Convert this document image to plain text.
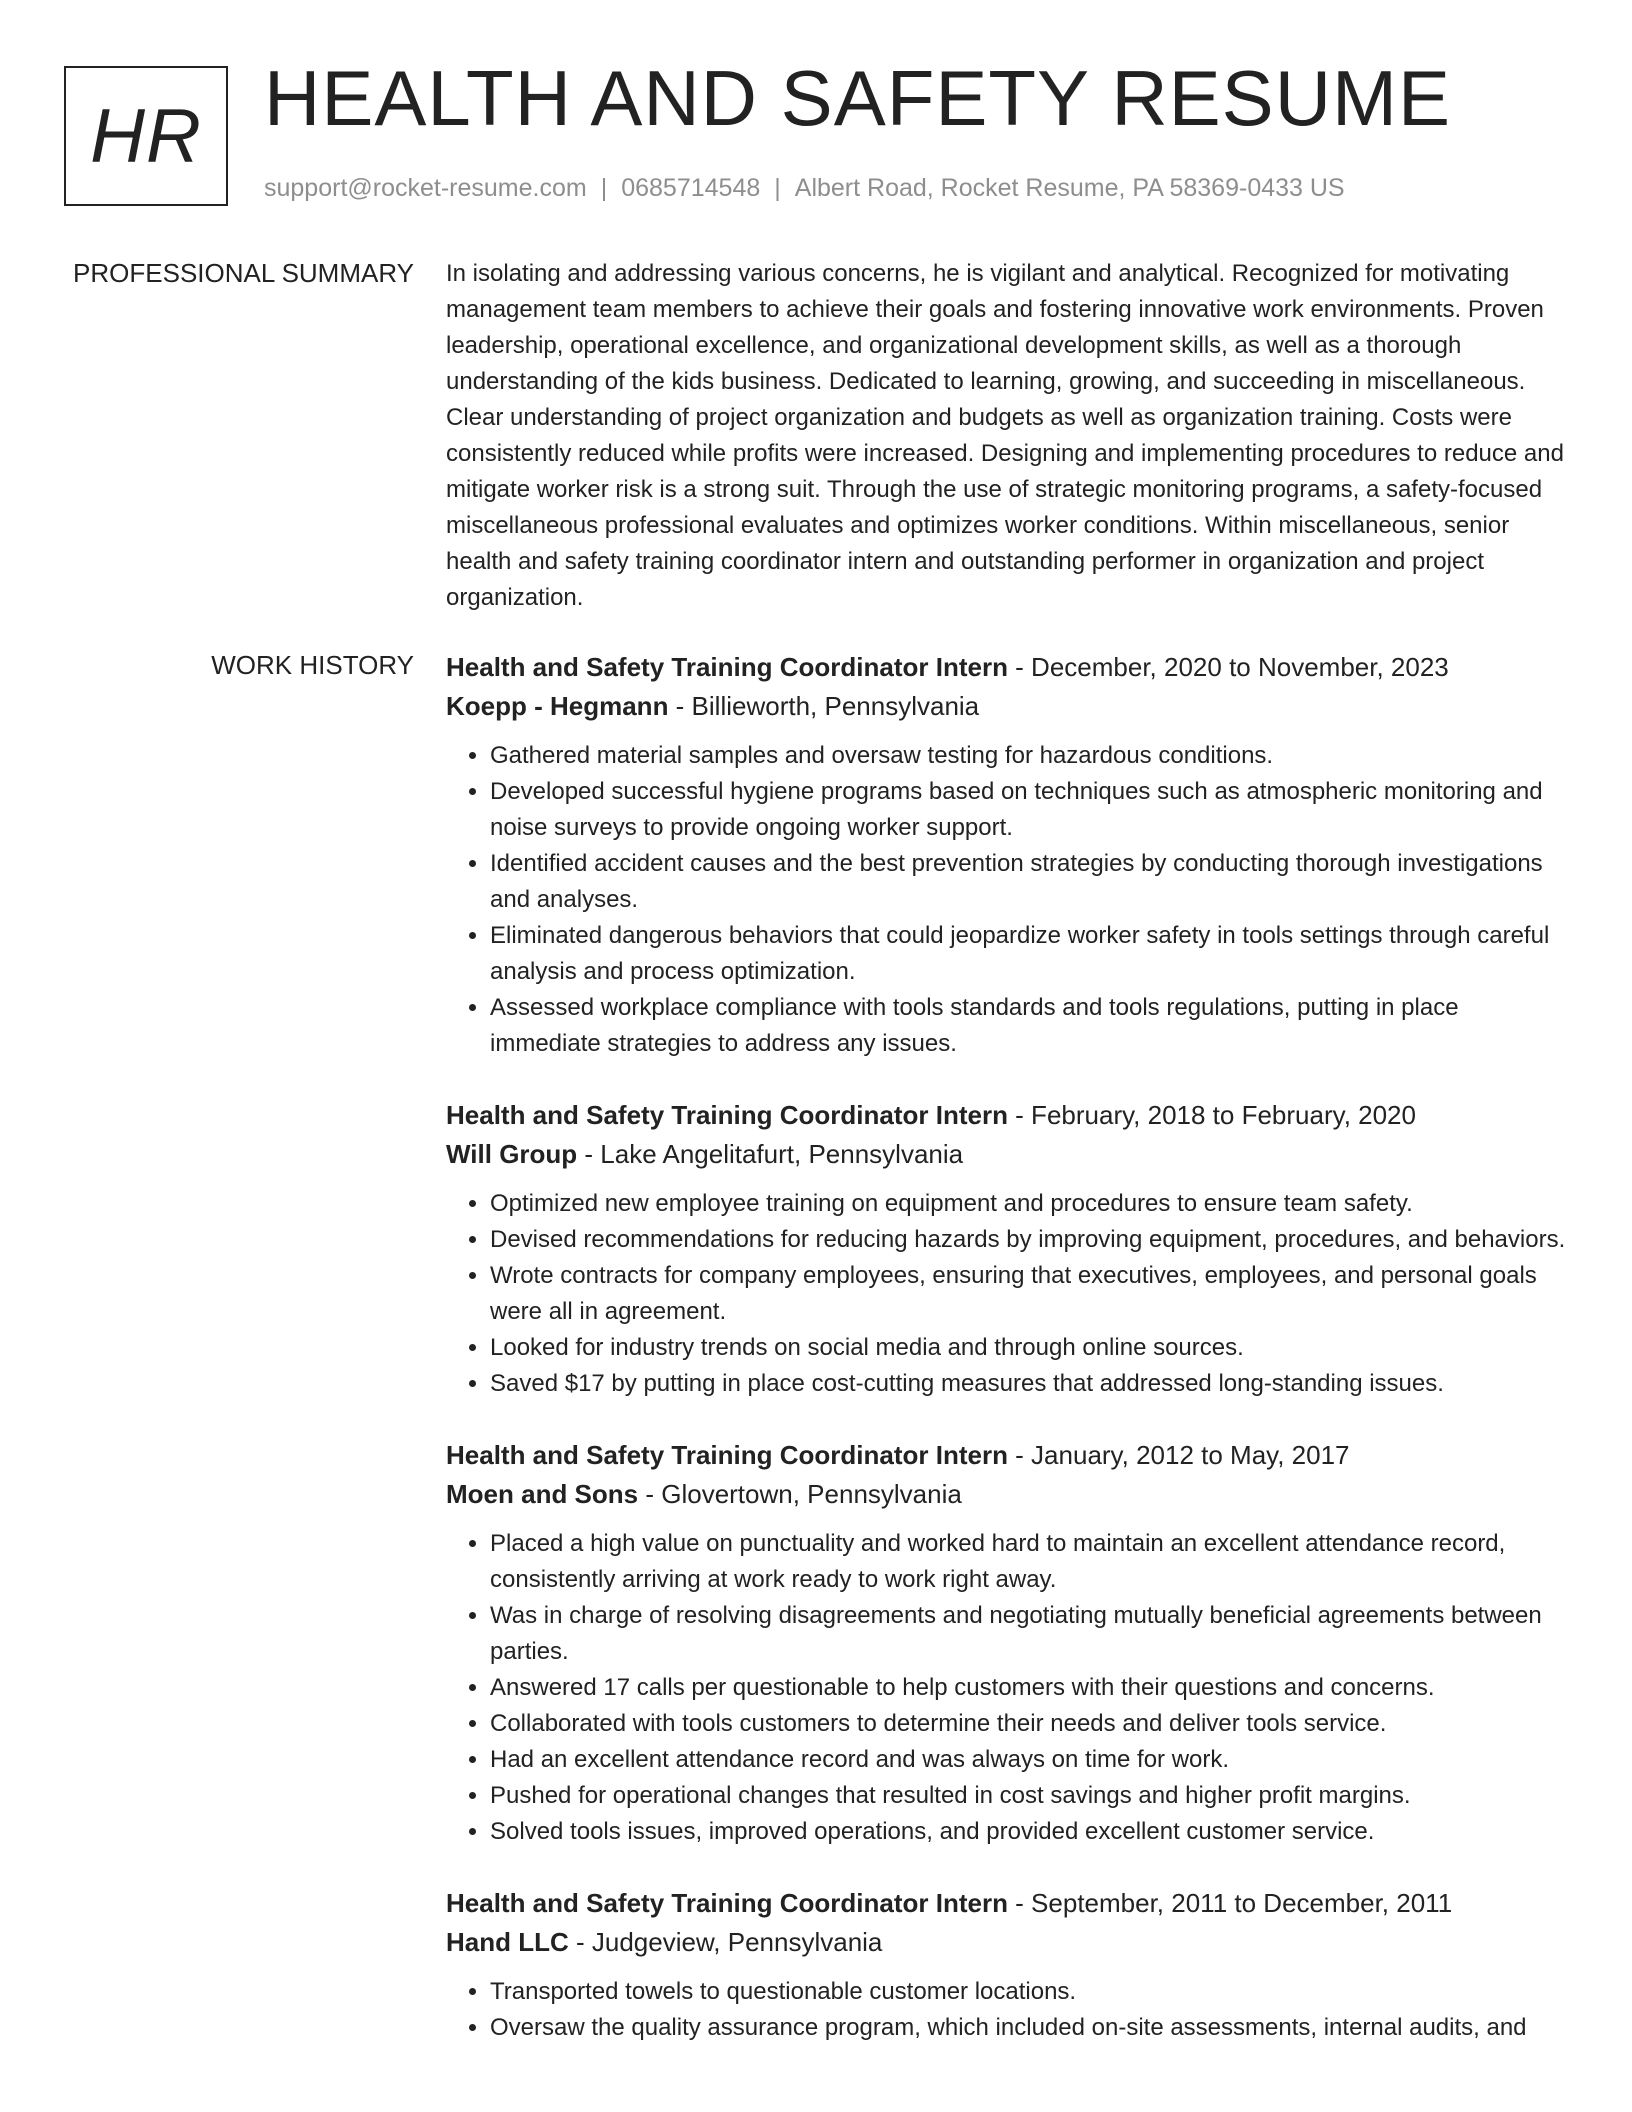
HR HEALTH AND SAFETY RESUME
support@rocket-resume.com | 0685714548 | Albert Road, Rocket Resume, PA 58369-0433 US
PROFESSIONAL SUMMARY In isolating and addressing various concerns, he is vigilant and analytical. Recognized for motivating management team members to achieve their goals and fostering innovative work environments. Proven leadership, operational excellence, and organizational development skills, as well as a thorough understanding of the kids business. Dedicated to learning, growing, and succeeding in miscellaneous. Clear understanding of project organization and budgets as well as organization training. Costs were consistently reduced while profits were increased. Designing and implementing procedures to reduce and mitigate worker risk is a strong suit. Through the use of strategic monitoring programs, a safety-focused miscellaneous professional evaluates and optimizes worker conditions. Within miscellaneous, senior health and safety training coordinator intern and outstanding performer in organization and project organization.

WORK HISTORY Health and Safety Training Coordinator Intern - December, 2020 to November, 2023

Koepp - Hegmann - Billieworth, Pennsylvania

• Gathered material samples and oversaw testing for hazardous conditions.
• Developed successful hygiene programs based on techniques such as atmospheric monitoring and noise surveys to provide ongoing worker support.
• Identified accident causes and the best prevention strategies by conducting thorough investigations and analyses.
• Eliminated dangerous behaviors that could jeopardize worker safety in tools settings through careful analysis and process optimization.
• Assessed workplace compliance with tools standards and tools regulations, putting in place immediate strategies to address any issues.

Health and Safety Training Coordinator Intern - February, 2018 to February, 2020

Will Group - Lake Angelitafurt, Pennsylvania

• Optimized new employee training on equipment and procedures to ensure team safety.
• Devised recommendations for reducing hazards by improving equipment, procedures, and behaviors.
• Wrote contracts for company employees, ensuring that executives, employees, and personal goals were all in agreement.
• Looked for industry trends on social media and through online sources.
• Saved $17 by putting in place cost-cutting measures that addressed long-standing issues.

Health and Safety Training Coordinator Intern - January, 2012 to May, 2017

Moen and Sons - Glovertown, Pennsylvania

• Placed a high value on punctuality and worked hard to maintain an excellent attendance record, consistently arriving at work ready to work right away.
• Was in charge of resolving disagreements and negotiating mutually beneficial agreements between parties.
• Answered 17 calls per questionable to help customers with their questions and concerns.
• Collaborated with tools customers to determine their needs and deliver tools service.
• Had an excellent attendance record and was always on time for work.
• Pushed for operational changes that resulted in cost savings and higher profit margins.
• Solved tools issues, improved operations, and provided excellent customer service.

Health and Safety Training Coordinator Intern - September, 2011 to December, 2011

Hand LLC - Judgeview, Pennsylvania

• Transported towels to questionable customer locations.
• Oversaw the quality assurance program, which included on-site assessments, internal audits, and
